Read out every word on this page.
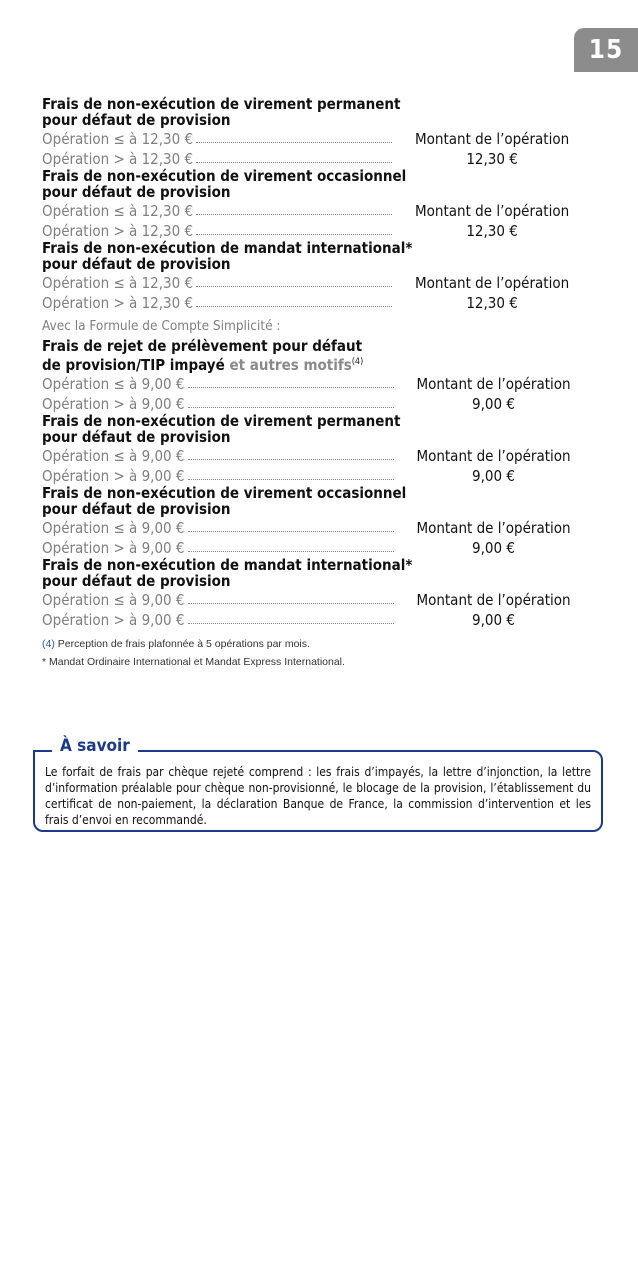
15
Frais de non-exécution de virement permanent
pour défaut de provision
Opération ≤ à 12,30 €	Montant de l’opération
Opération > à 12,30 €	12,30 €
Frais de non-exécution de virement occasionnel
pour défaut de provision
Opération ≤ à 12,30 €	Montant de l’opération
Opération > à 12,30 €	12,30 €
Frais de non-exécution de mandat international*
pour défaut de provision
Opération ≤ à 12,30 €	Montant de l’opération
Opération > à 12,30 €	12,30 €
Avec la Formule de Compte Simplicité :
Frais de rejet de prélèvement pour défaut
de provision/TIP impayé et autres motifs$^{(4)}$
Opération ≤ à 9,00 €	Montant de l’opération
Opération > à 9,00 €	9,00 €
Frais de non-exécution de virement permanent
pour défaut de provision
Opération ≤ à 9,00 €	Montant de l’opération
Opération > à 9,00 €	9,00 €
Frais de non-exécution de virement occasionnel
pour défaut de provision
Opération ≤ à 9,00 €	Montant de l’opération
Opération > à 9,00 €	9,00 €
Frais de non-exécution de mandat international*
pour défaut de provision
Opération ≤ à 9,00 €	Montant de l’opération
Opération > à 9,00 €	9,00 €
(4) Perception de frais plafonnée à 5 opérations par mois.
* Mandat Ordinaire International et Mandat Express International.
Le forfait de frais par chèque rejeté comprend : les frais d’impayés, la lettre d’injonction, la lettre d’information préalable pour chèque non-provisionné, le blocage de la provision, l’établissement du certificat de non-paiement, la déclaration Banque de France, la commission d’intervention et les frais d’envoi en recommandé.
À savoir
